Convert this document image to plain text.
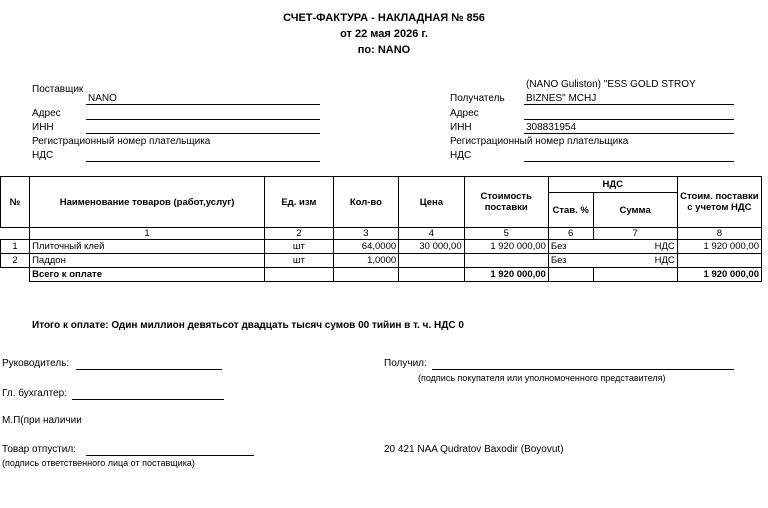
СЧЕТ-ФАКТУРА - НАКЛАДНАЯ № 856
от 22 мая 2026 г.
по: NANO
Поставщик
NANO
Адрес
ИНН
Регистрационный номер плательщика
НДС
(NANO Guliston) "ESS GOLD STROY
Получатель BIZNES" MCHJ
Адрес
ИНН	308831954
Регистрационный номер плательщика
НДС
№	Наименование товаров (работ,услуг)	Ед. изм	Кол-во	Цена	Стоимость поставки	НДС		Стоим. поставки с учетом НДС
						Став. %	Сумма	
	1	2	3	4	5	6	7	8
1	Плиточный клей	шт	64,0000	30 000,00	1 920 000,00	Без	НДС	1 920 000,00
2	Паддон	шт	1,0000			Без	НДС	
	Всего к оплате				1 920 000,00			1 920 000,00
Итого к оплате: Один миллион девятьсот двадцать тысяч сумов 00 тийин в т. ч. НДС 0
Руководитель:	Получил:
(подпись покупателя или уполномоченного представителя)
Гл. бухгалтер:
М.П(при наличии
Товар отпустил:
(подпись ответственного лица от поставщика)
20 421 NAA Qudratov Baxodir (Boyovut)
